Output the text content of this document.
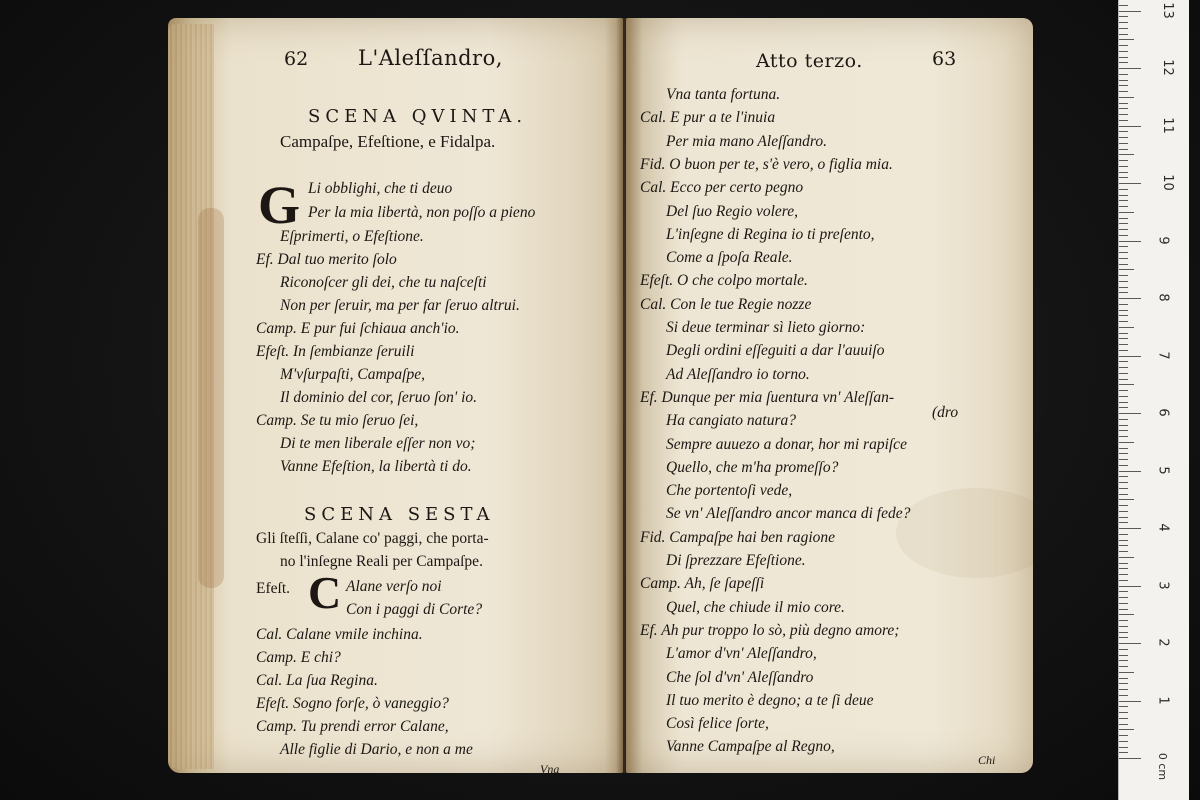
62 L'Aleſſandro,
SCENA QVINTA.
Campaſpe, Efeſtione, e Fidalpa.
G Li obblighi, che ti deuo
Per la mia libertà, non poſſo a pieno
Eſprimerti, o Efeſtione.
Ef. Dal tuo merito ſolo
Riconoſcer gli dei, che tu naſceſti
Non per ſeruir, ma per far ſeruo altrui.
Camp. E pur fui ſchiaua anch'io.
Efeſt. In ſembianze ſeruili
M'vſurpaſti, Campaſpe,
Il dominio del cor, ſeruo ſon' io.
Camp. Se tu mio ſeruo ſei,
Di te men liberale eſſer non vo;
Vanne Efeſtion, la libertà ti do.
SCENA SESTA
Gli ſteſſi, Calane co' paggi, che porta-
no l'inſegne Reali per Campaſpe.
Efeſt. C Alane verſo noi
Con i paggi di Corte?
Cal. Calane vmile inchina.
Camp. E chi?
Cal. La ſua Regina.
Efeſt. Sogno forſe, ò vaneggio?
Camp. Tu prendi error Calane,
Alle figlie di Dario, e non a me
Vna
Atto terzo.	63
Vna tanta fortuna.
Cal. E pur a te l'inuia
Per mia mano Aleſſandro.
Fid. O buon per te, s'è vero, o figlia mia.
Cal. Ecco per certo pegno
Del ſuo Regio volere,
L'inſegne di Regina io ti preſento,
Come a ſpoſa Reale.
Efeſt. O che colpo mortale.
Cal. Con le tue Regie nozze
Si deue terminar sì lieto giorno:
Degli ordini eſſeguiti a dar l'auuiſo
Ad Aleſſandro io torno.
Ef. Dunque per mia ſuentura vn' Aleſſan-
Ha cangiato natura?
Sempre auuezo a donar, hor mi rapiſce
Quello, che m'ha promeſſo?
Che portentoſi vede,
Se vn' Aleſſandro ancor manca di fede?
Fid. Campaſpe hai ben ragione
Di ſprezzare Efeſtione.
Camp. Ah, ſe ſapeſſi
Quel, che chiude il mio core.
Ef. Ah pur troppo lo sò, più degno amore;
L'amor d'vn' Aleſſandro,
Che ſol d'vn' Aleſſandro
Il tuo merito è degno; a te ſi deue
Così felice ſorte,
Vanne Campaſpe al Regno,
(dro
Chi
1
2
3
4
5
6
7
8
9
10
11
12
13
0 cm
